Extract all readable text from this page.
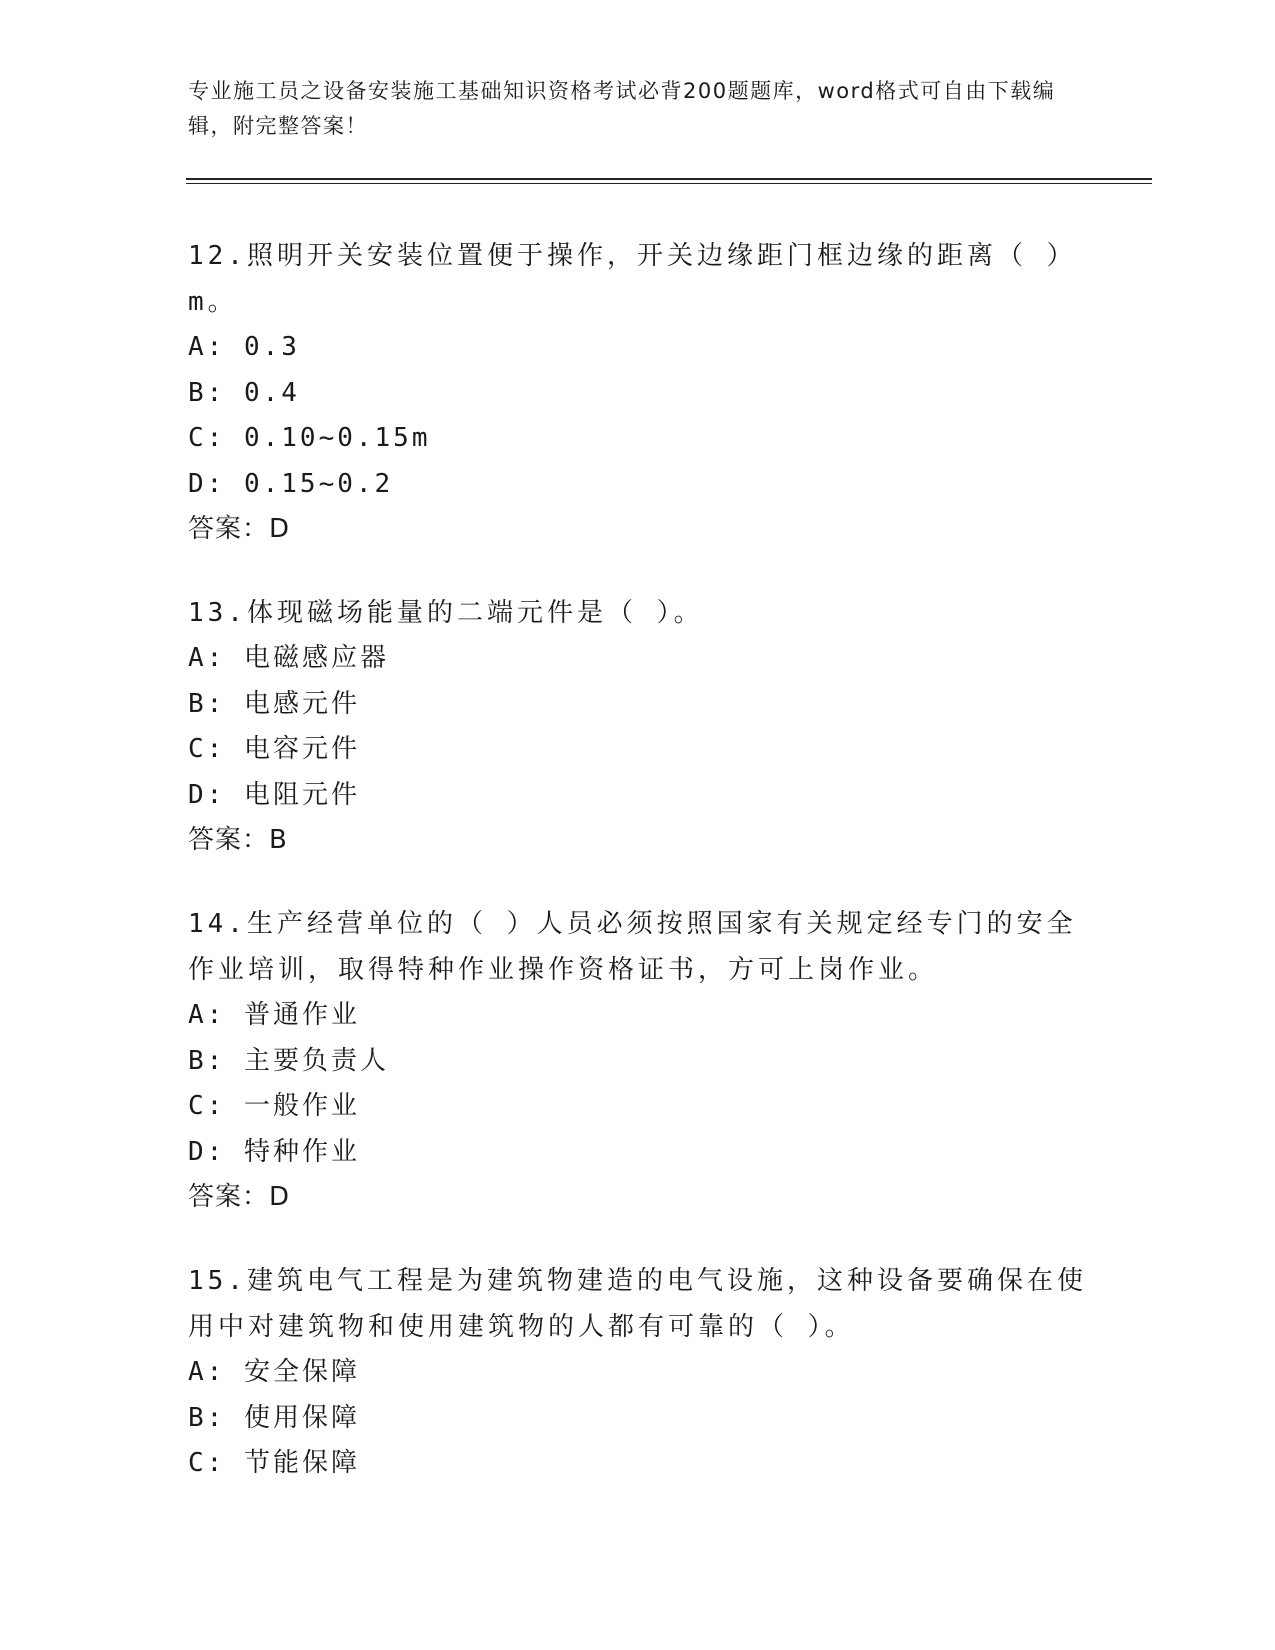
专业施工员之设备安装施工基础知识资格考试必背200题题库，word格式可自由下载编辑，附完整答案！

12.照明开关安装位置便于操作，开关边缘距门框边缘的距离（ ）m。

A: 0.3

B: 0.4

C: 0.10~0.15m

D: 0.15~0.2

答案：D

13.体现磁场能量的二端元件是（ ）。

A: 电磁感应器

B: 电感元件

C: 电容元件

D: 电阻元件

答案：B

14.生产经营单位的（ ）人员必须按照国家有关规定经专门的安全作业培训，取得特种作业操作资格证书，方可上岗作业。

A: 普通作业

B: 主要负责人

C: 一般作业

D: 特种作业

答案：D

15.建筑电气工程是为建筑物建造的电气设施，这种设备要确保在使用中对建筑物和使用建筑物的人都有可靠的（ ）。

A: 安全保障

B: 使用保障

C: 节能保障
